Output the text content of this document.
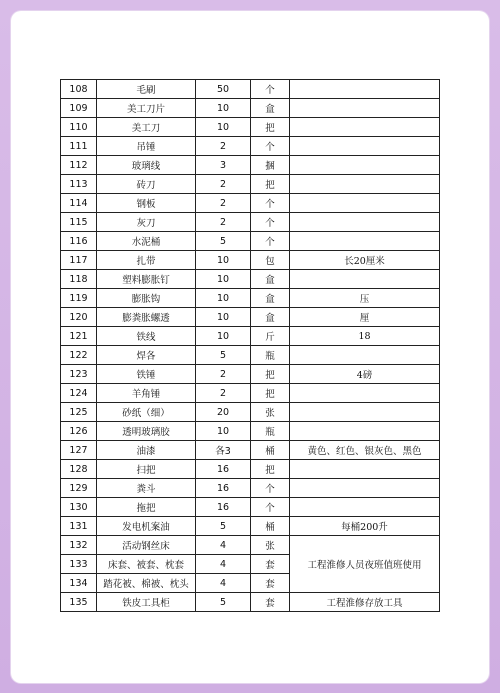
108	毛刷	50	个	
109	美工刀片	10	盒	
110	美工刀	10	把	
111	吊锤	2	个	
112	玻璃线	3	捆	
113	砖刀	2	把	
114	钢板	2	个	
115	灰刀	2	个	
116	水泥桶	5	个	
117	扎带	10	包	长20厘米
118	塑料膨胀钉	10	盒	
119	膨胀钩	10	盒	压
120	膨粪胀螺透	10	盒	厘
121	铁线	10	斤	18
122	焊各	5	瓶	
123	铁锤	2	把	4磅
124	羊角锤	2	把	
125	砂纸（细）	20	张	
126	透明玻璃胶	10	瓶	
127	油漆	各3	桶	黄色、红色、银灰色、黑色
128	扫把	16	把	
129	粪斗	16	个	
130	拖把	16	个	
131	发电机案油	5	桶	每桶200升
132	活动钢丝床	4	张	工程淮修人员夜班值班使用
133	床套、被套、枕套	4	套	
134	踏花被、棉被、枕头	4	套	
135	铁皮工具柜	5	套	工程淮修存放工具
